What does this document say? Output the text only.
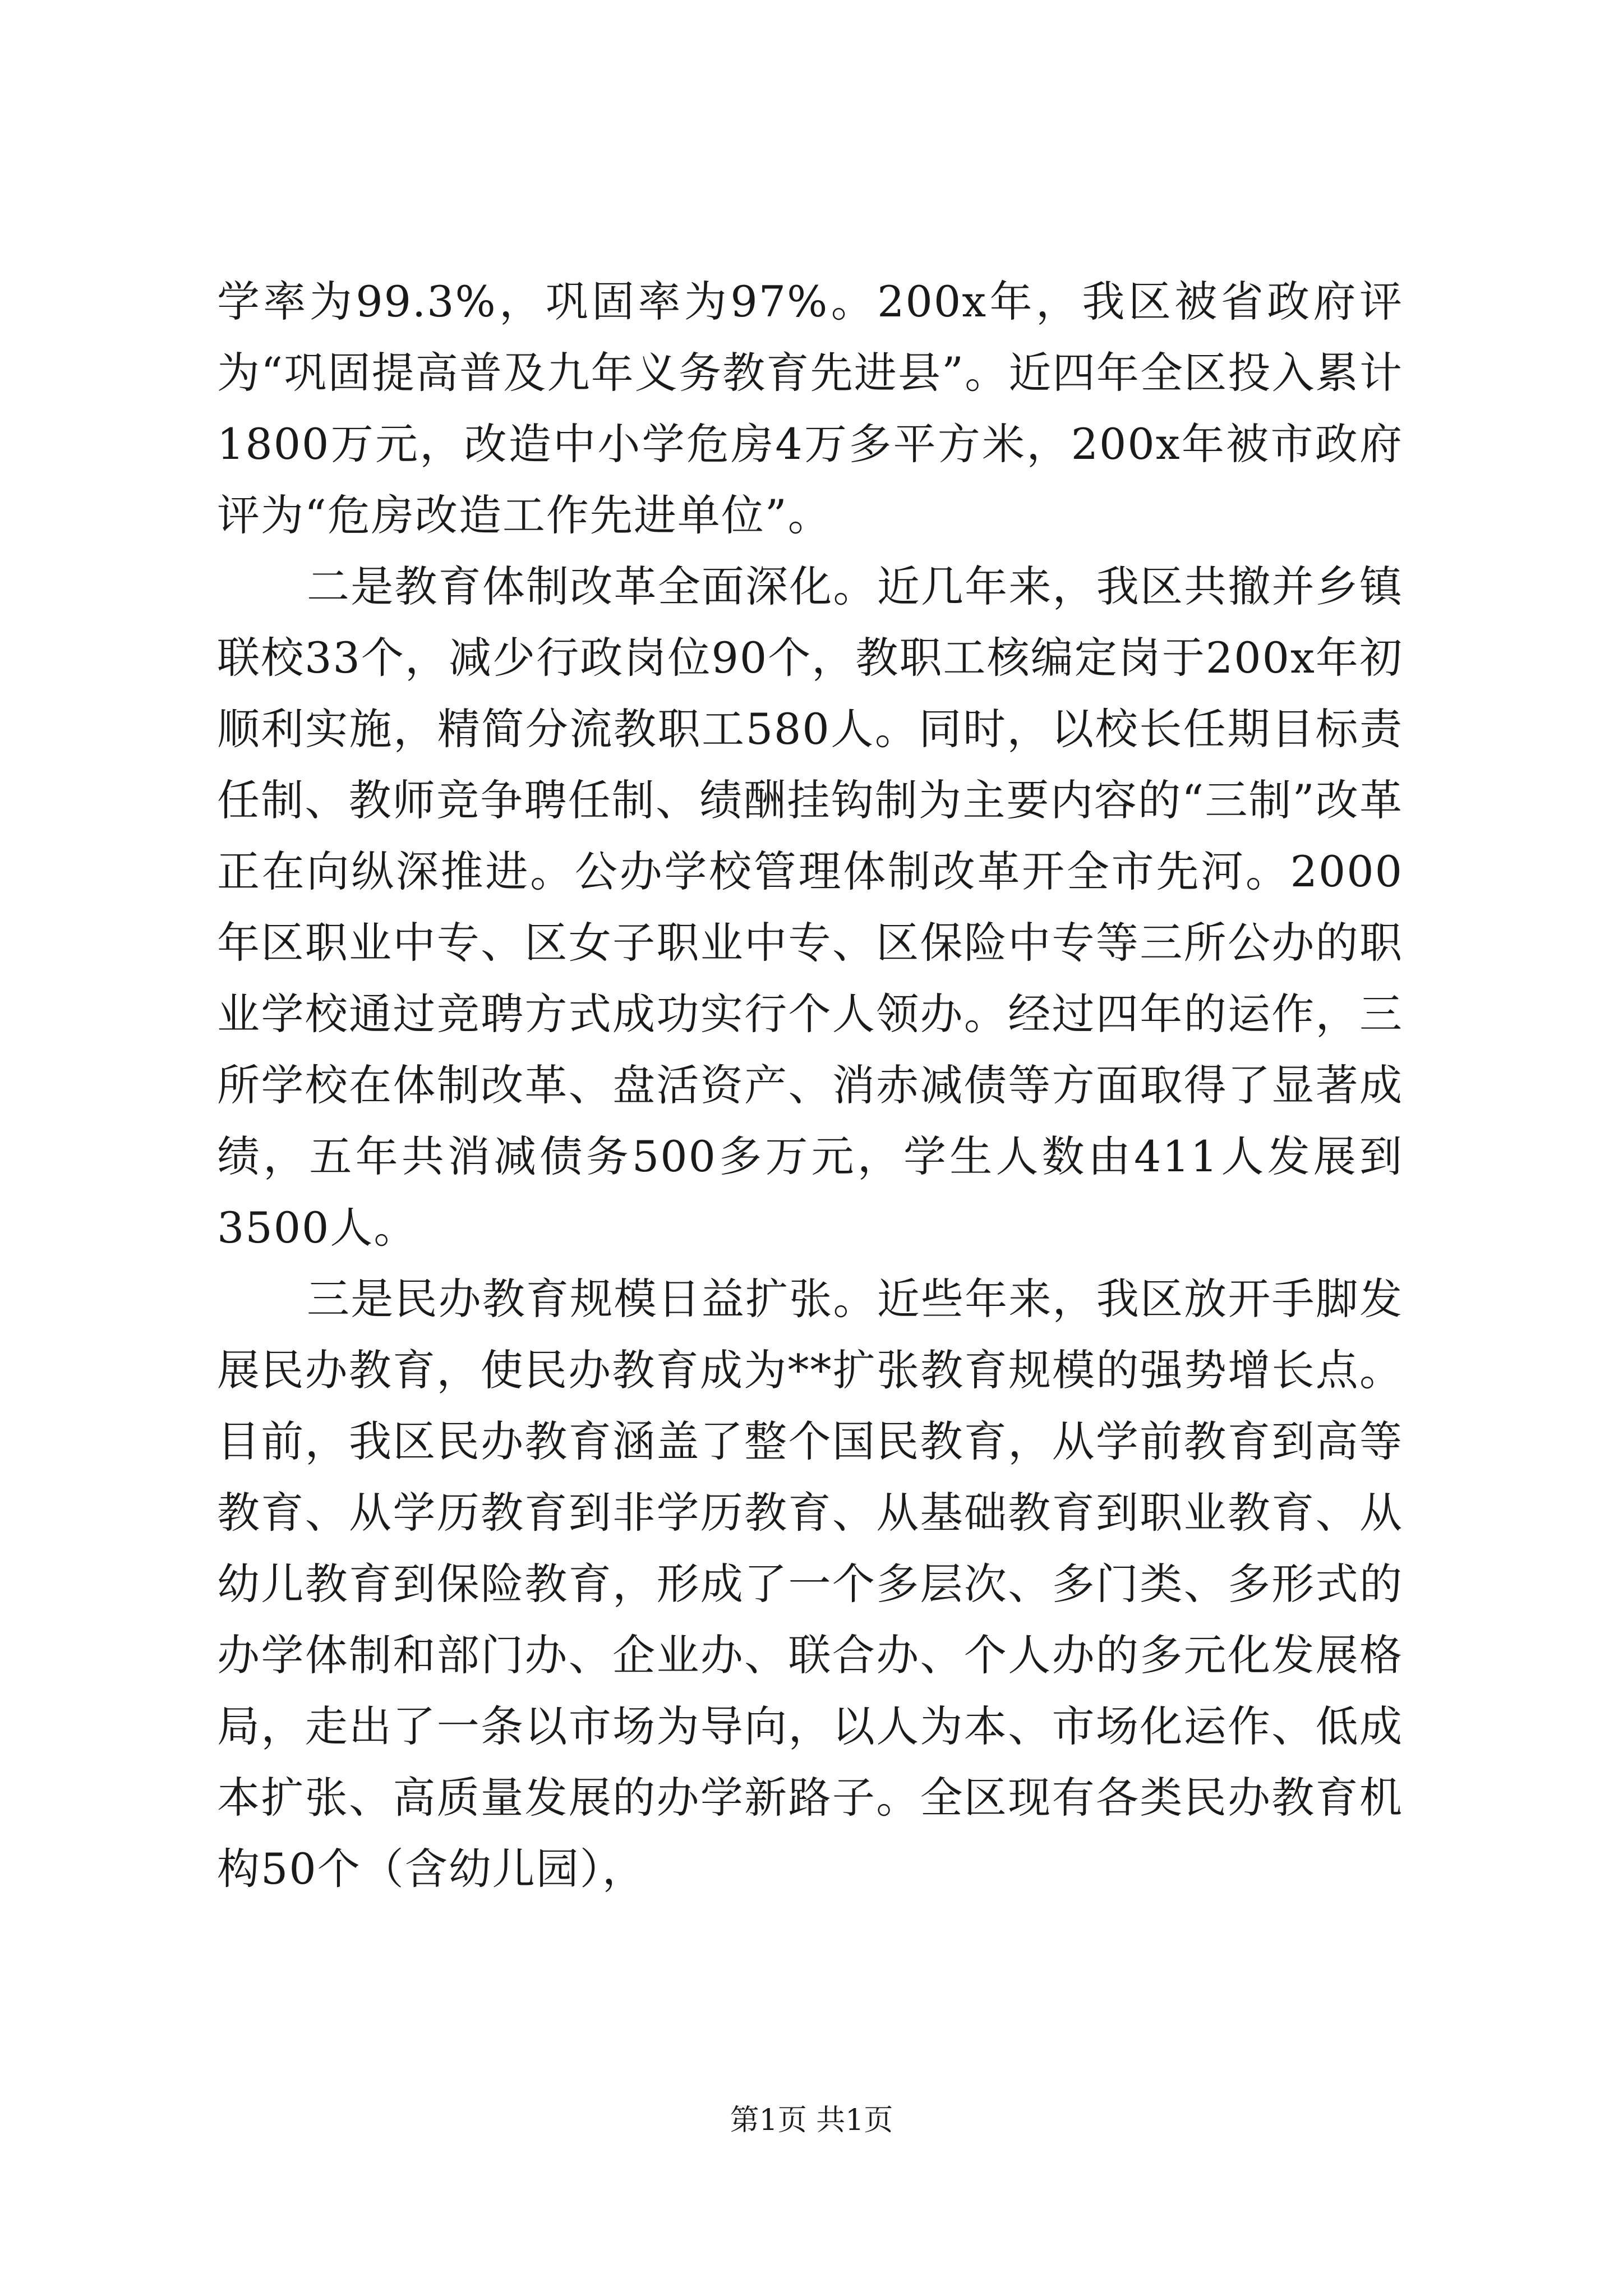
学率为99.3%，巩固率为97%。200x年，我区被省政府评为“巩固提高普及九年义务教育先进县”。近四年全区投入累计1800万元，改造中小学危房4万多平方米，200x年被市政府评为“危房改造工作先进单位”。

二是教育体制改革全面深化。近几年来，我区共撤并乡镇联校33个，减少行政岗位90个，教职工核编定岗于200x年初顺利实施，精简分流教职工580人。同时，以校长任期目标责任制、教师竞争聘任制、绩酬挂钩制为主要内容的“三制”改革正在向纵深推进。公办学校管理体制改革开全市先河。2000年区职业中专、区女子职业中专、区保险中专等三所公办的职业学校通过竞聘方式成功实行个人领办。经过四年的运作，三所学校在体制改革、盘活资产、消赤减债等方面取得了显著成绩，五年共消减债务500多万元，学生人数由411人发展到3500人。

三是民办教育规模日益扩张。近些年来，我区放开手脚发展民办教育，使民办教育成为**扩张教育规模的强势增长点。目前，我区民办教育涵盖了整个国民教育，从学前教育到高等教育、从学历教育到非学历教育、从基础教育到职业教育、从幼儿教育到保险教育，形成了一个多层次、多门类、多形式的办学体制和部门办、企业办、联合办、个人办的多元化发展格局，走出了一条以市场为导向，以人为本、市场化运作、低成本扩张、高质量发展的办学新路子。全区现有各类民办教育机构50个（含幼儿园），

第1页 共1页
